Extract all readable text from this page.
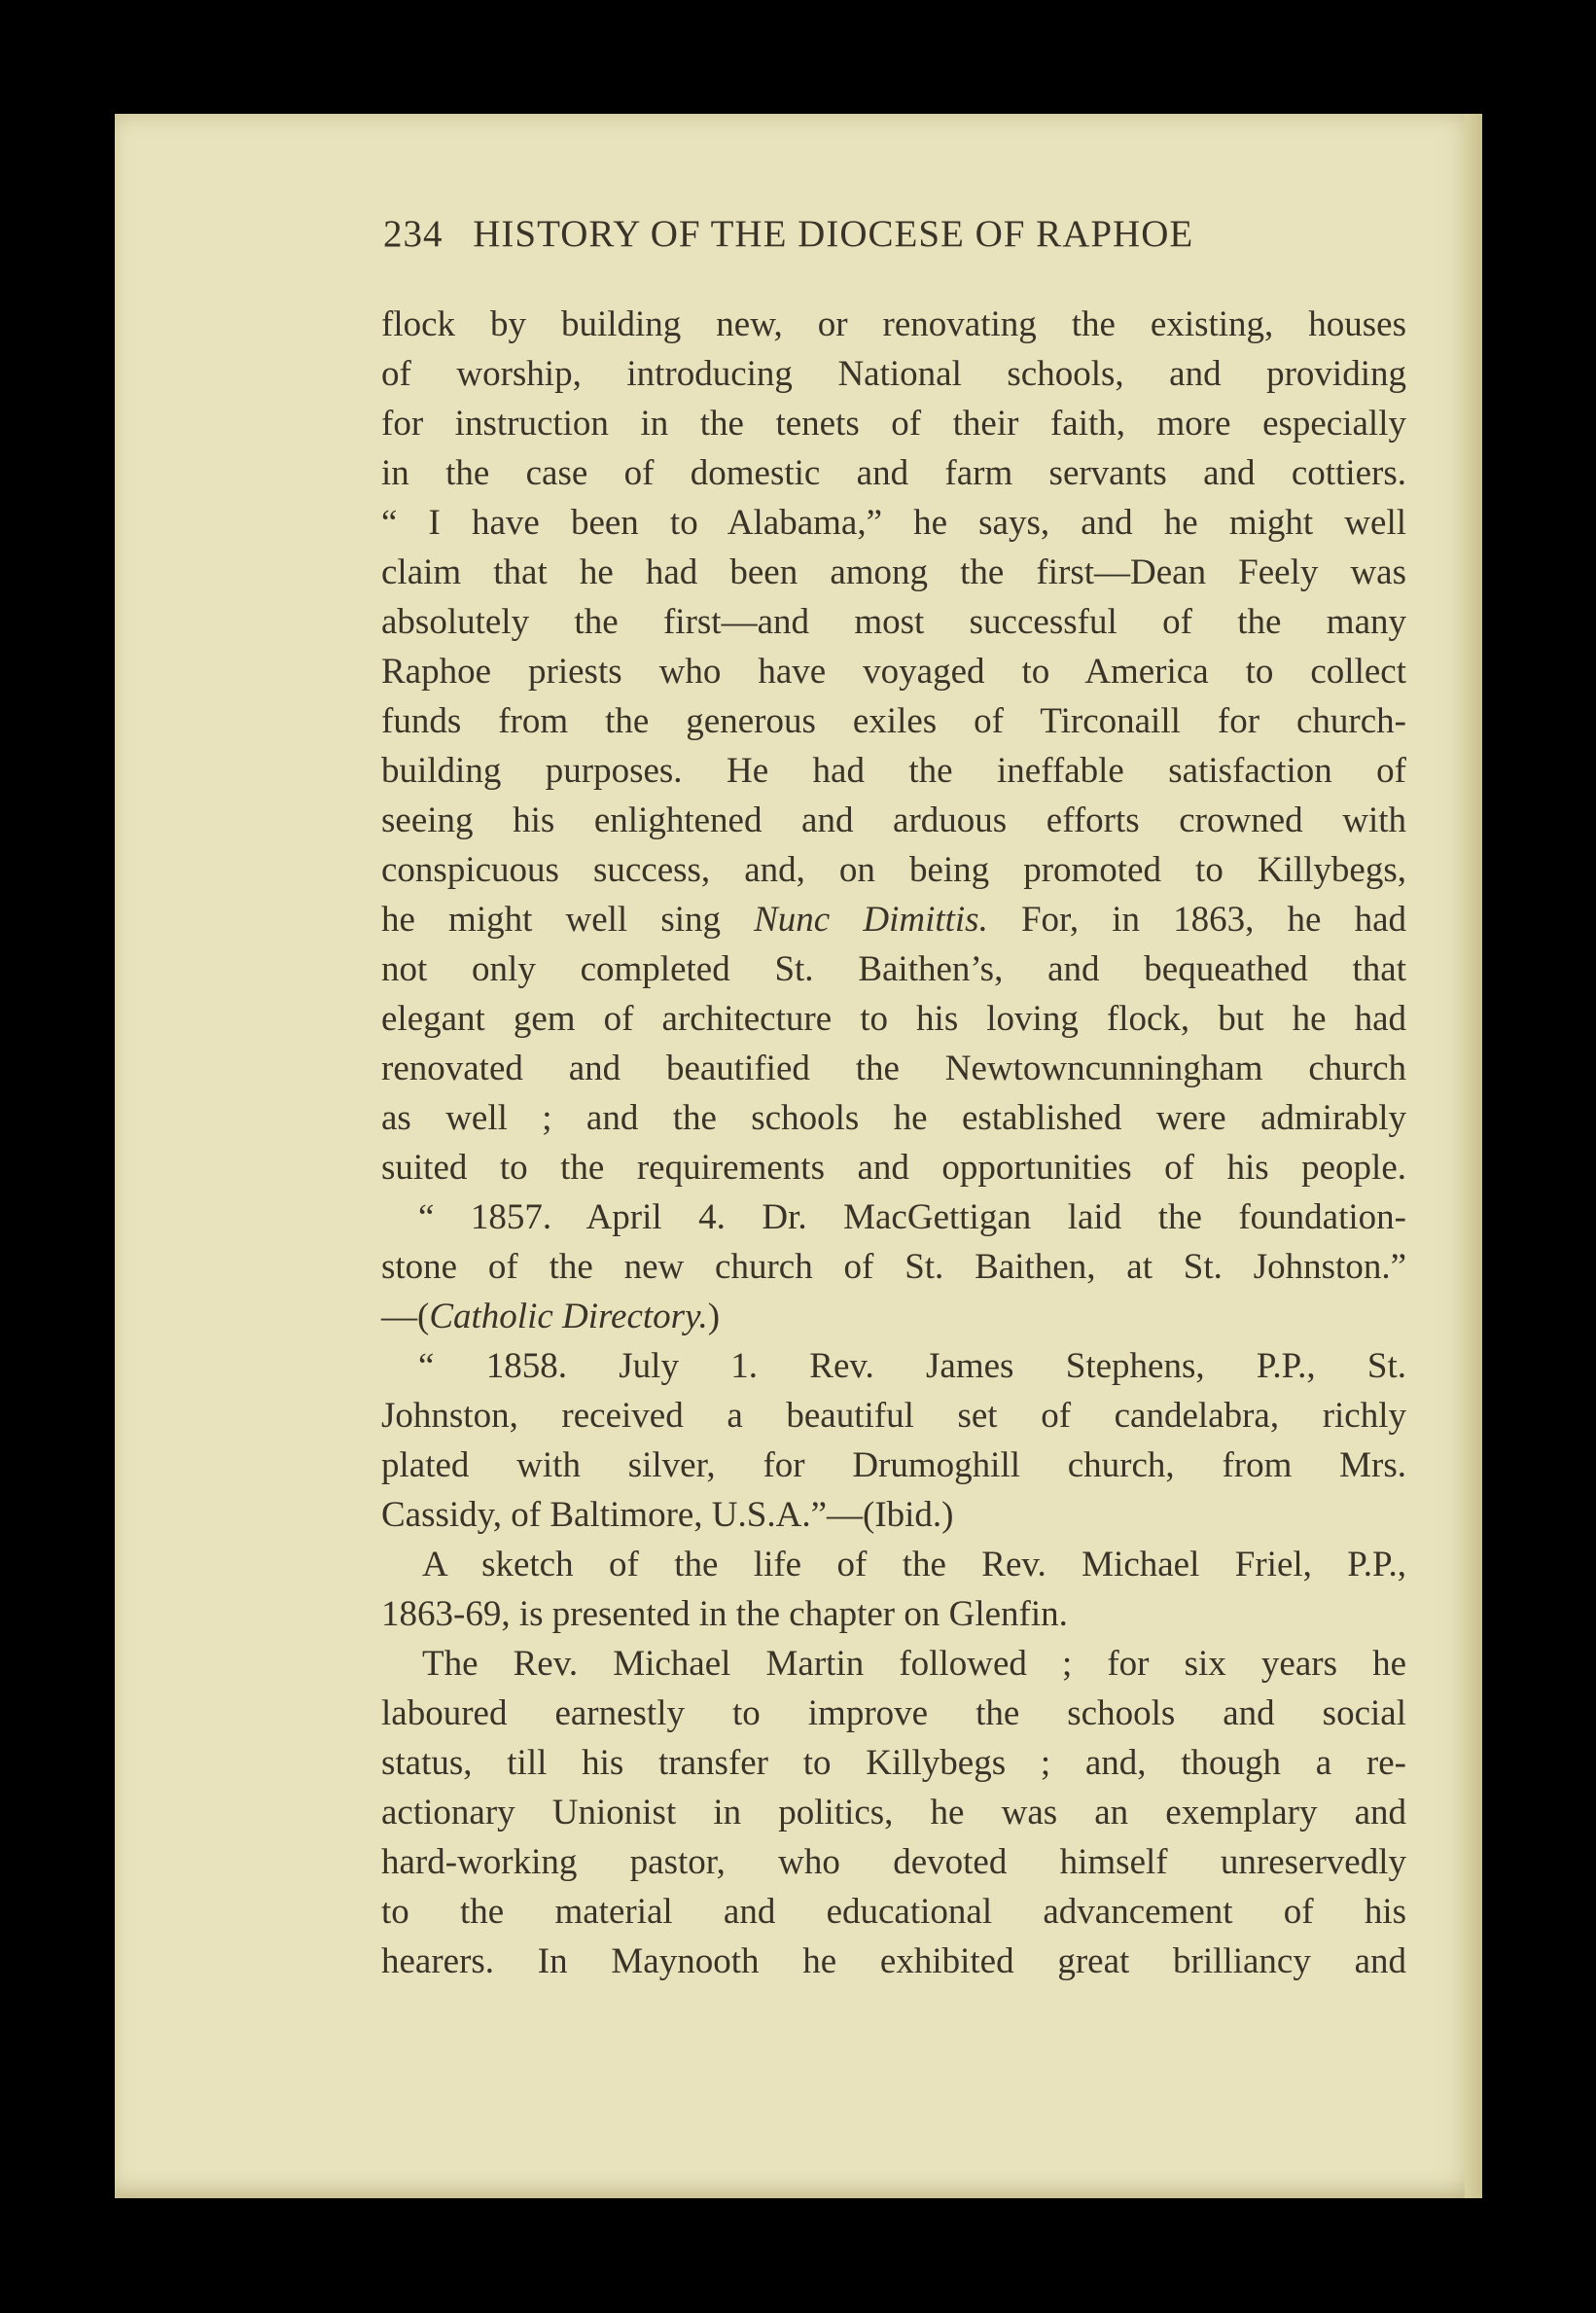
234 HISTORY OF THE DIOCESE OF RAPHOE
flock by building new, or renovating the existing, houses
of worship, introducing National schools, and providing
for instruction in the tenets of their faith, more especially
in the case of domestic and farm servants and cottiers.
“ I have been to Alabama,” he says, and he might well
claim that he had been among the first—Dean Feely was
absolutely the first—and most successful of the many
Raphoe priests who have voyaged to America to collect
funds from the generous exiles of Tirconaill for church-
building purposes. He had the ineffable satisfaction of
seeing his enlightened and arduous efforts crowned with
conspicuous success, and, on being promoted to Killybegs,
he might well sing Nunc Dimittis. For, in 1863, he had
not only completed St. Baithen’s, and bequeathed that
elegant gem of architecture to his loving flock, but he had
renovated and beautified the Newtowncunningham church
as well ; and the schools he established were admirably
suited to the requirements and opportunities of his people.
“ 1857. April 4. Dr. MacGettigan laid the foundation-
stone of the new church of St. Baithen, at St. Johnston.”
—(Catholic Directory.)
“ 1858. July 1. Rev. James Stephens, P.P., St.
Johnston, received a beautiful set of candelabra, richly
plated with silver, for Drumoghill church, from Mrs.
Cassidy, of Baltimore, U.S.A.”—(Ibid.)
A sketch of the life of the Rev. Michael Friel, P.P.,
1863-69, is presented in the chapter on Glenfin.
The Rev. Michael Martin followed ; for six years he
laboured earnestly to improve the schools and social
status, till his transfer to Killybegs ; and, though a re-
actionary Unionist in politics, he was an exemplary and
hard-working pastor, who devoted himself unreservedly
to the material and educational advancement of his
hearers. In Maynooth he exhibited great brilliancy and
